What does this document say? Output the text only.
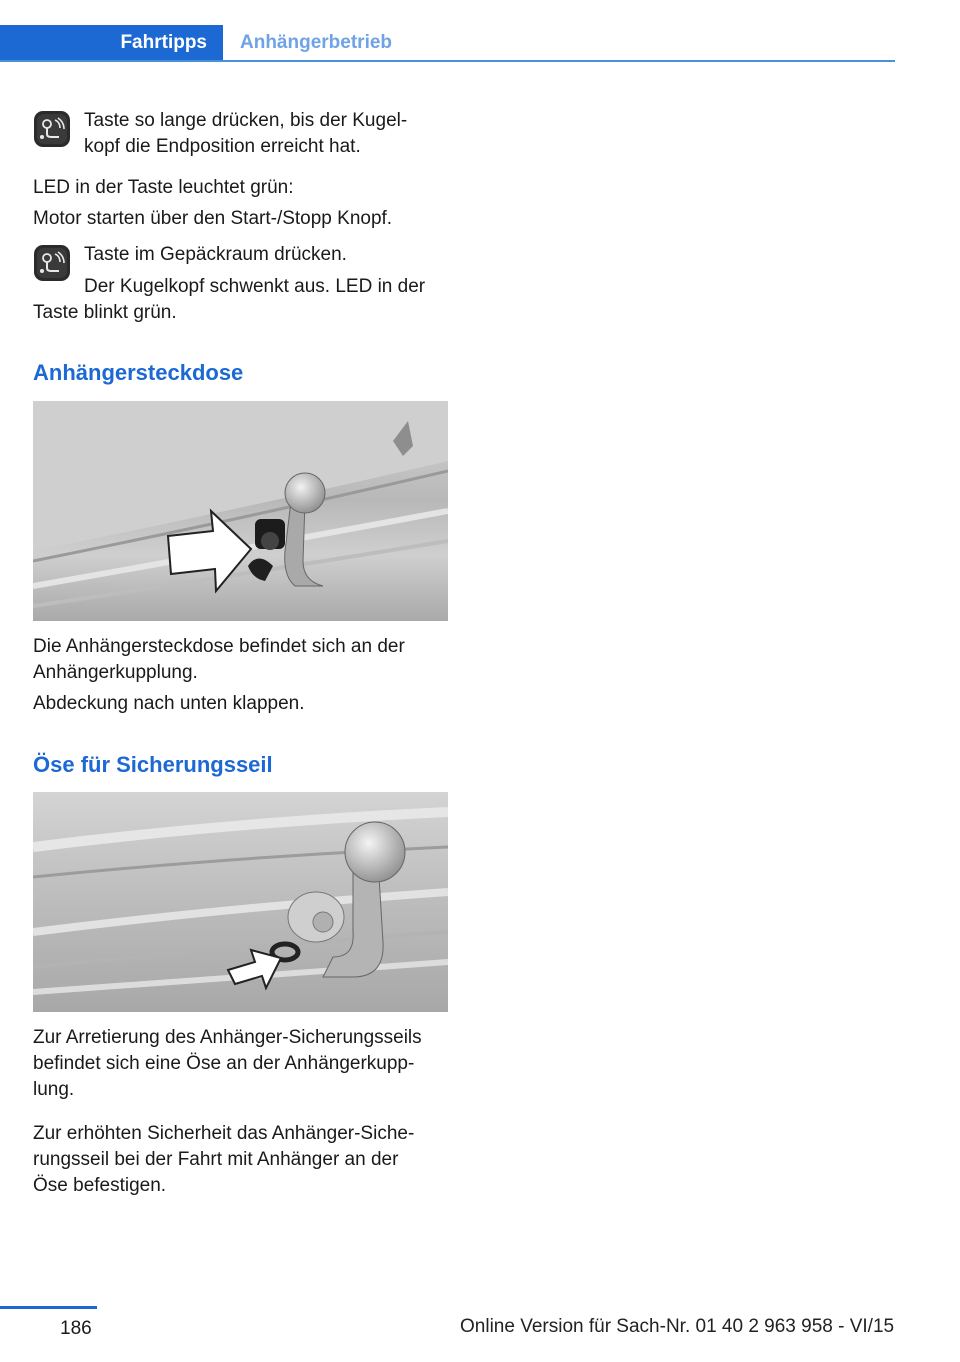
Fahrtipps Anhängerbetrieb

Taste so lange drücken, bis der Kugel-

kopf die Endposition erreicht hat.

LED in der Taste leuchtet grün:

Motor starten über den Start-/Stopp Knopf.

Taste im Gepäckraum drücken.

Der Kugelkopf schwenkt aus. LED in der

Taste blinkt grün.

Anhängersteckdose

Die Anhängersteckdose befindet sich an der

Anhängerkupplung.

Abdeckung nach unten klappen.

Öse für Sicherungsseil

Zur Arretierung des Anhänger-Sicherungsseils

befindet sich eine Öse an der Anhängerkupp-

lung.

Zur erhöhten Sicherheit das Anhänger-Siche-

rungsseil bei der Fahrt mit Anhänger an der

Öse befestigen.

186	Online Version für Sach-Nr. 01 40 2 963 958 - VI/15
